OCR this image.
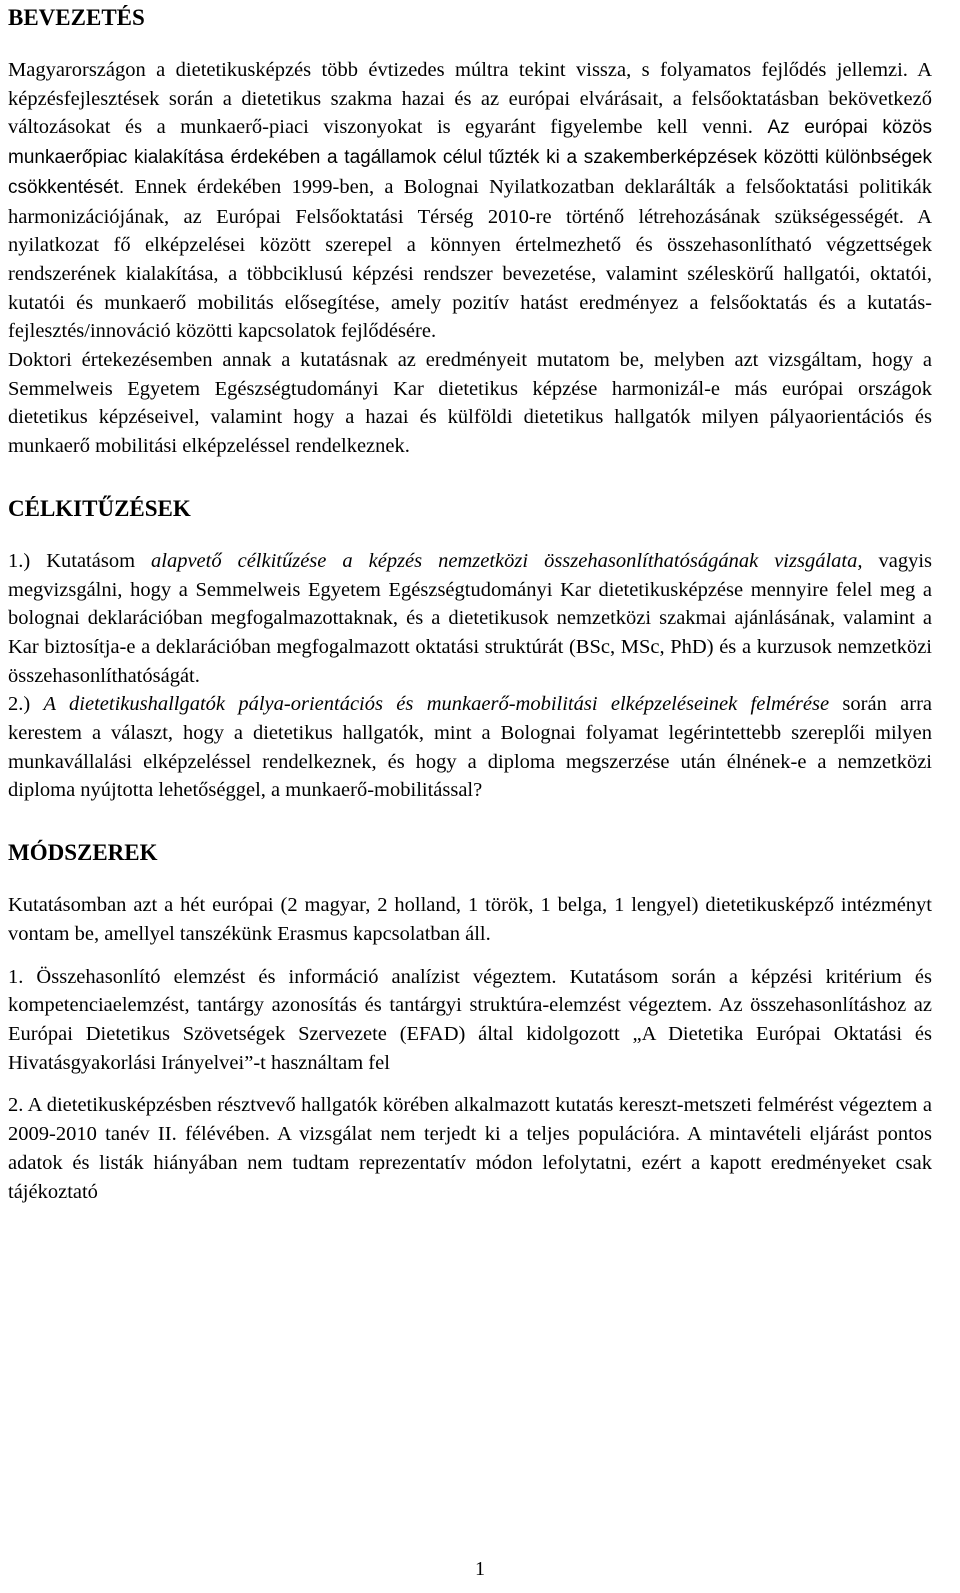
BEVEZETÉS

Magyarországon a dietetikusképzés több évtizedes múltra tekint vissza, s folyamatos fejlődés jellemzi. A képzésfejlesztések során a dietetikus szakma hazai és az európai elvárásait, a felsőoktatásban bekövetkező változásokat és a munkaerő-piaci viszonyokat is egyaránt figyelembe kell venni. Az európai közös munkaerőpiac kialakítása érdekében a tagállamok célul tűzték ki a szakemberképzések közötti különbségek csökkentését. Ennek érdekében 1999-ben, a Bolognai Nyilatkozatban deklarálták a felsőoktatási politikák harmonizációjának, az Európai Felsőoktatási Térség 2010-re történő létrehozásának szükségességét. A nyilatkozat fő elképzelései között szerepel a könnyen értelmezhető és összehasonlítható végzettségek rendszerének kialakítása, a többciklusú képzési rendszer bevezetése, valamint széleskörű hallgatói, oktatói, kutatói és munkaerő mobilitás elősegítése, amely pozitív hatást eredményez a felsőoktatás és a kutatás-fejlesztés/innováció közötti kapcsolatok fejlődésére.

Doktori értekezésemben annak a kutatásnak az eredményeit mutatom be, melyben azt vizsgáltam, hogy a Semmelweis Egyetem Egészségtudományi Kar dietetikus képzése harmonizál-e más európai országok dietetikus képzéseivel, valamint hogy a hazai és külföldi dietetikus hallgatók milyen pályaorientációs és munkaerő mobilitási elképzeléssel rendelkeznek.

CÉLKITŰZÉSEK

1.) Kutatásom alapvető célkitűzése a képzés nemzetközi összehasonlíthatóságának vizsgálata, vagyis megvizsgálni, hogy a Semmelweis Egyetem Egészségtudományi Kar dietetikusképzése mennyire felel meg a bolognai deklarációban megfogalmazottaknak, és a dietetikusok nemzetközi szakmai ajánlásának, valamint a Kar biztosítja-e a deklarációban megfogalmazott oktatási struktúrát (BSc, MSc, PhD) és a kurzusok nemzetközi összehasonlíthatóságát.

2.) A dietetikushallgatók pálya-orientációs és munkaerő-mobilitási elképzeléseinek felmérése során arra kerestem a választ, hogy a dietetikus hallgatók, mint a Bolognai folyamat legérintettebb szereplői milyen munkavállalási elképzeléssel rendelkeznek, és hogy a diploma megszerzése után élnének-e a nemzetközi diploma nyújtotta lehetőséggel, a munkaerő-mobilitással?

MÓDSZEREK

Kutatásomban azt a hét európai (2 magyar, 2 holland, 1 török, 1 belga, 1 lengyel) dietetikusképző intézményt vontam be, amellyel tanszékünk Erasmus kapcsolatban áll.

1. Összehasonlító elemzést és információ analízist végeztem. Kutatásom során a képzési kritérium és kompetenciaelemzést, tantárgy azonosítás és tantárgyi struktúra-elemzést végeztem. Az összehasonlításhoz az Európai Dietetikus Szövetségek Szervezete (EFAD) által kidolgozott „A Dietetika Európai Oktatási és Hivatásgyakorlási Irányelvei”-t használtam fel

2. A dietetikusképzésben résztvevő hallgatók körében alkalmazott kutatás kereszt-metszeti felmérést végeztem a 2009-2010 tanév II. félévében. A vizsgálat nem terjedt ki a teljes populációra. A mintavételi eljárást pontos adatok és listák hiányában nem tudtam reprezentatív módon lefolytatni, ezért a kapott eredményeket csak tájékoztató

1
